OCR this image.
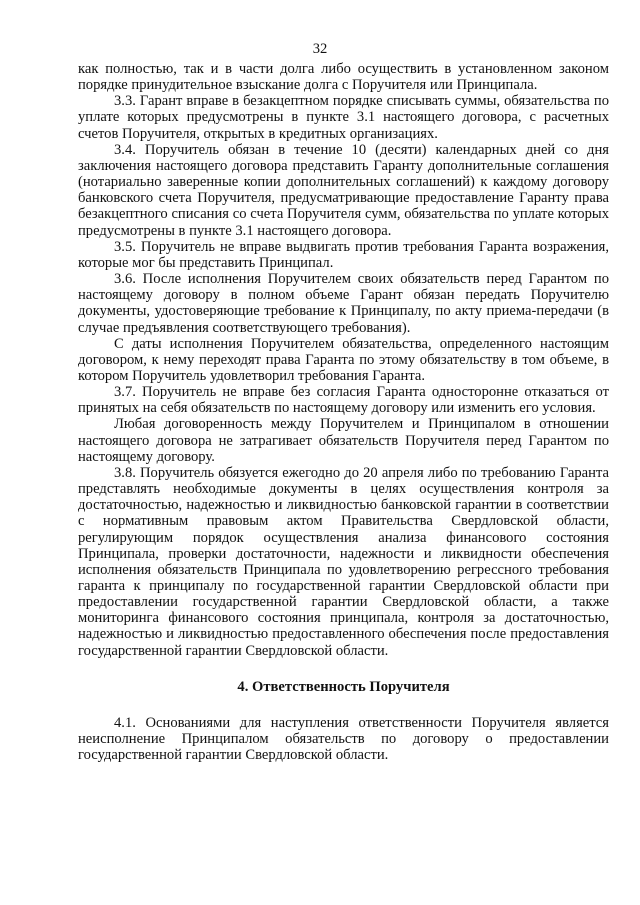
32

как полностью, так и в части долга либо осуществить в установленном законом порядке принудительное взыскание долга с Поручителя или Принципала.

3.3. Гарант вправе в безакцептном порядке списывать суммы, обязательства по уплате которых предусмотрены в пункте 3.1 настоящего договора, с расчетных счетов Поручителя, открытых в кредитных организациях.

3.4. Поручитель обязан в течение 10 (десяти) календарных дней со дня заключения настоящего договора представить Гаранту дополнительные соглашения (нотариально заверенные копии дополнительных соглашений) к каждому договору банковского счета Поручителя, предусматривающие предоставление Гаранту права безакцептного списания со счета Поручителя сумм, обязательства по уплате которых предусмотрены в пункте 3.1 настоящего договора.

3.5. Поручитель не вправе выдвигать против требования Гаранта возражения, которые мог бы представить Принципал.

3.6. После исполнения Поручителем своих обязательств перед Гарантом по настоящему договору в полном объеме Гарант обязан передать Поручителю документы, удостоверяющие требование к Принципалу, по акту приема-передачи (в случае предъявления соответствующего требования).

С даты исполнения Поручителем обязательства, определенного настоящим договором, к нему переходят права Гаранта по этому обязательству в том объеме, в котором Поручитель удовлетворил требования Гаранта.

3.7. Поручитель не вправе без согласия Гаранта односторонне отказаться от принятых на себя обязательств по настоящему договору или изменить его условия.

Любая договоренность между Поручителем и Принципалом в отношении настоящего договора не затрагивает обязательств Поручителя перед Гарантом по настоящему договору.

3.8. Поручитель обязуется ежегодно до 20 апреля либо по требованию Гаранта представлять необходимые документы в целях осуществления контроля за достаточностью, надежностью и ликвидностью банковской гарантии в соответствии с нормативным правовым актом Правительства Свердловской области, регулирующим порядок осуществления анализа финансового состояния Принципала, проверки достаточности, надежности и ликвидности обеспечения исполнения обязательств Принципала по удовлетворению регрессного требования гаранта к принципалу по государственной гарантии Свердловской области при предоставлении государственной гарантии Свердловской области, а также мониторинга финансового состояния принципала, контроля за достаточностью, надежностью и ликвидностью предоставленного обеспечения после предоставления государственной гарантии Свердловской области.

4. Ответственность Поручителя

4.1. Основаниями для наступления ответственности Поручителя является неисполнение Принципалом обязательств по договору о предоставлении государственной гарантии Свердловской области.
